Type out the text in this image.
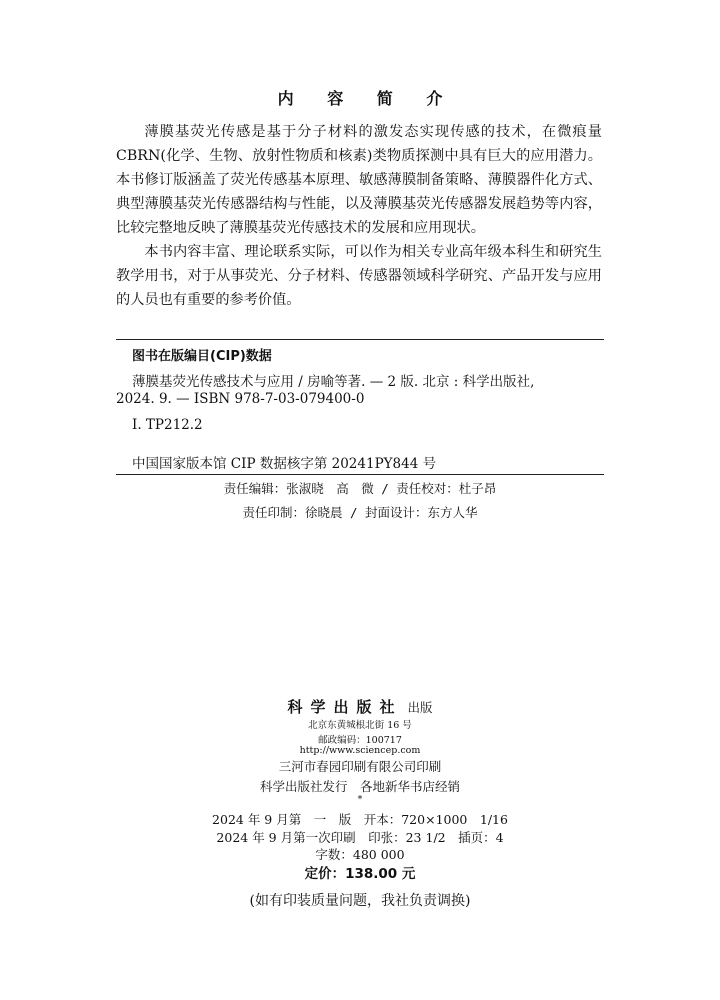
内 容 简 介

薄膜基荧光传感是基于分子材料的激发态实现传感的技术，在微痕量CBRN(化学、生物、放射性物质和核素)类物质探测中具有巨大的应用潜力。本书修订版涵盖了荧光传感基本原理、敏感薄膜制备策略、薄膜器件化方式、典型薄膜基荧光传感器结构与性能，以及薄膜基荧光传感器发展趋势等内容，比较完整地反映了薄膜基荧光传感技术的发展和应用现状。

本书内容丰富、理论联系实际，可以作为相关专业高年级本科生和研究生教学用书，对于从事荧光、分子材料、传感器领域科学研究、产品开发与应用的人员也有重要的参考价值。

图书在版编目(CIP)数据
薄膜基荧光传感技术与应用 / 房喻等著. — 2 版. 北京 : 科学出版社,
2024. 9. — ISBN 978-7-03-079400-0
Ⅰ. TP212.2
中国国家版本馆 CIP 数据核字第 20241PY844 号
责任编辑：张淑晓　高　微 / 责任校对：杜子昂
责任印制：徐晓晨 / 封面设计：东方人华
科学出版社 出版
北京东黄城根北街 16 号
邮政编码：100717
http://www.sciencep.com
三河市春园印刷有限公司印刷
科学出版社发行　各地新华书店经销
*
2024 年 9 月第　一　版　开本：720×1000　1/16
2024 年 9 月第一次印刷　印张：23 1/2　插页：4
字数：480 000
定价：138.00 元
(如有印装质量问题，我社负责调换)
